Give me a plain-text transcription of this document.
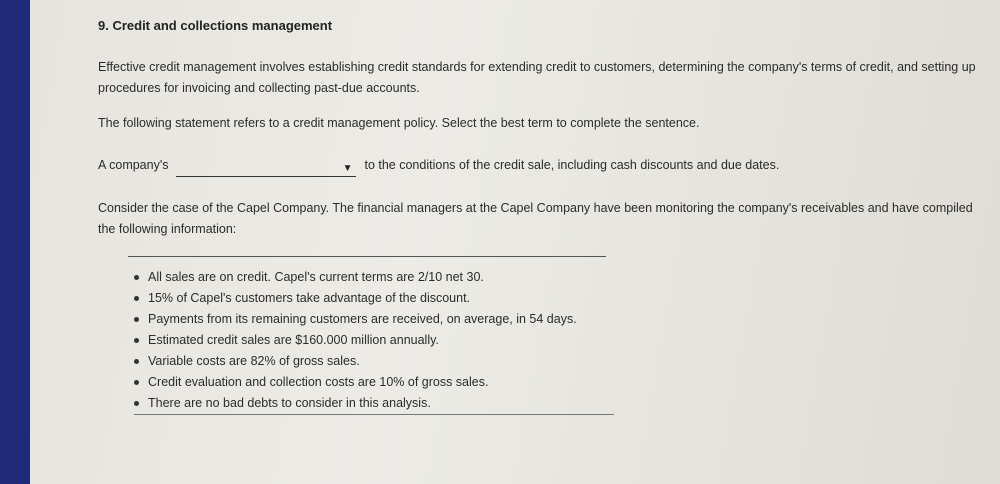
9. Credit and collections management

Effective credit management involves establishing credit standards for extending credit to customers, determining the company's terms of credit, and setting up procedures for invoicing and collecting past-due accounts.

The following statement refers to a credit management policy. Select the best term to complete the sentence.

A company's	▼ to the conditions of the credit sale, including cash discounts and due dates.

Consider the case of the Capel Company. The financial managers at the Capel Company have been monitoring the company's receivables and have compiled the following information:

All sales are on credit. Capel's current terms are 2/10 net 30.
15% of Capel's customers take advantage of the discount.
Payments from its remaining customers are received, on average, in 54 days.
Estimated credit sales are $160.000 million annually.
Variable costs are 82% of gross sales.
Credit evaluation and collection costs are 10% of gross sales.
There are no bad debts to consider in this analysis.
